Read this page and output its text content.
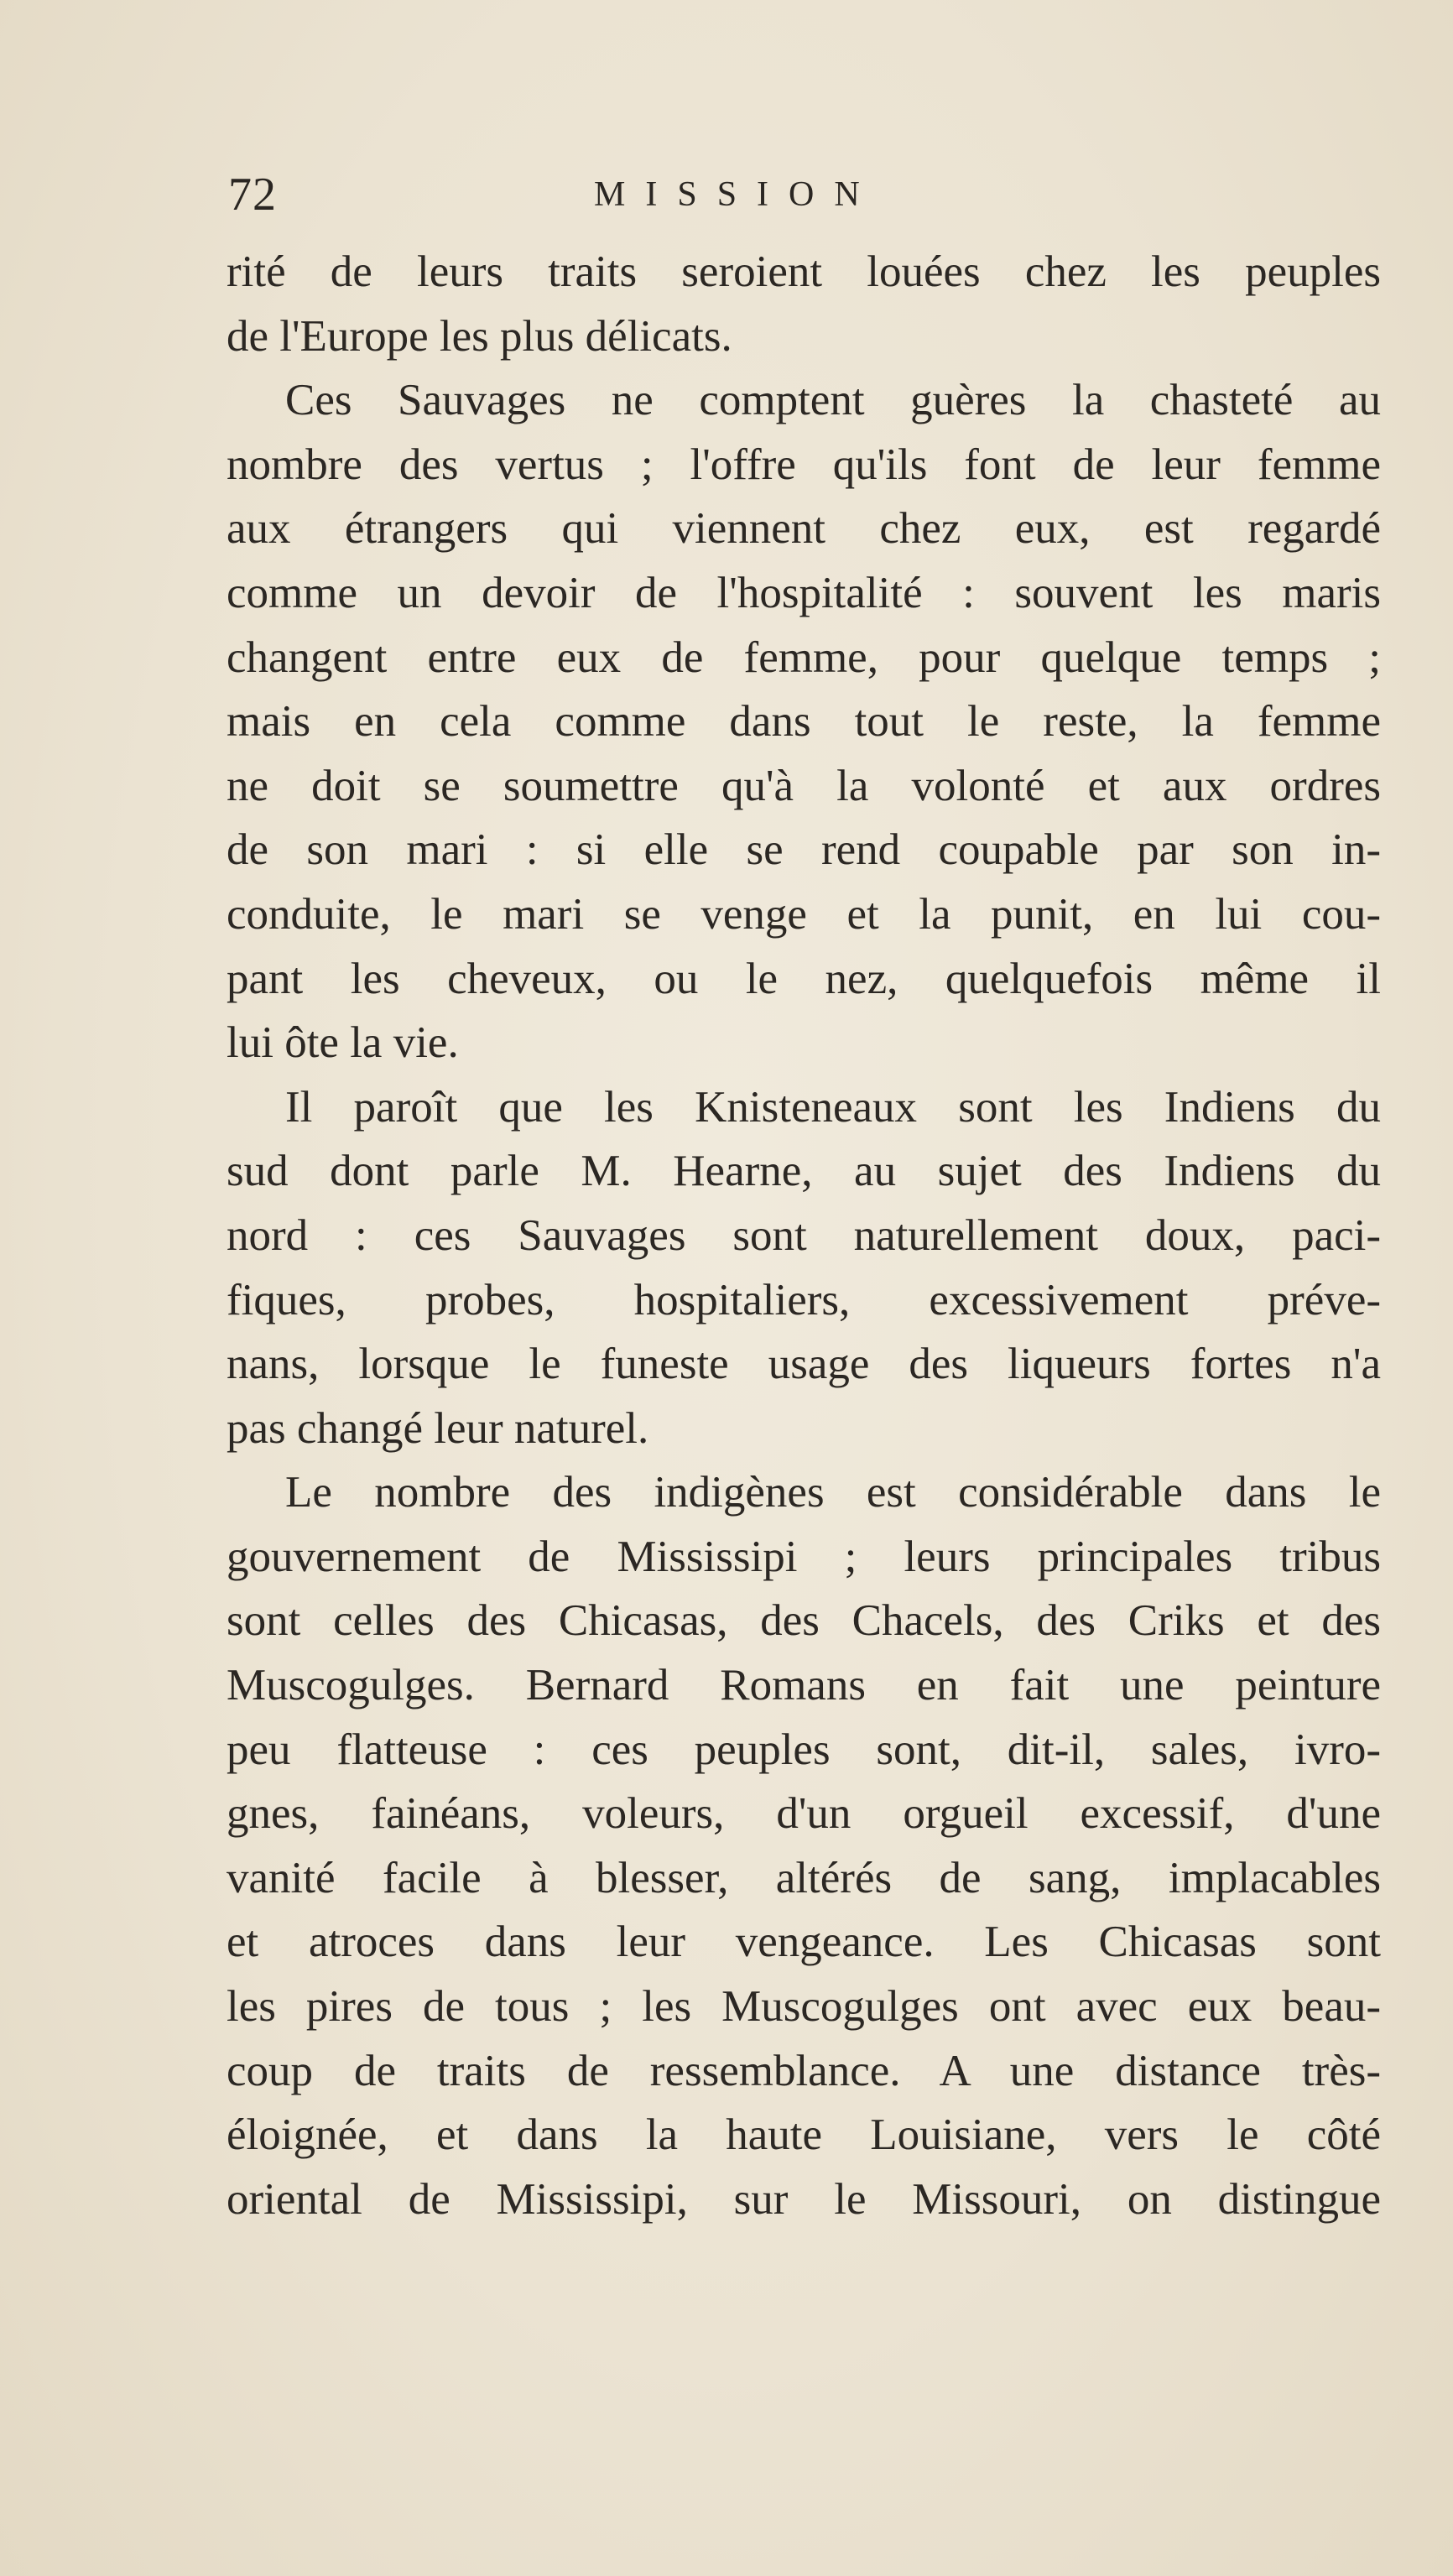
72	MISSION
rité de leurs traits seroient louées chez les peuples
de l'Europe les plus délicats.
Ces Sauvages ne comptent guères la chasteté au
nombre des vertus ; l'offre qu'ils font de leur femme
aux étrangers qui viennent chez eux, est regardé
comme un devoir de l'hospitalité : souvent les maris
changent entre eux de femme, pour quelque temps ;
mais en cela comme dans tout le reste, la femme
ne doit se soumettre qu'à la volonté et aux ordres
de son mari : si elle se rend coupable par son in-
conduite, le mari se venge et la punit, en lui cou-
pant les cheveux, ou le nez, quelquefois même il
lui ôte la vie.
Il paroît que les Knisteneaux sont les Indiens du
sud dont parle M. Hearne, au sujet des Indiens du
nord : ces Sauvages sont naturellement doux, paci-
fiques, probes, hospitaliers, excessivement préve-
nans, lorsque le funeste usage des liqueurs fortes n'a
pas changé leur naturel.
Le nombre des indigènes est considérable dans le
gouvernement de Mississipi ; leurs principales tribus
sont celles des Chicasas, des Chacels, des Criks et des
Muscogulges. Bernard Romans en fait une peinture
peu flatteuse : ces peuples sont, dit-il, sales, ivro-
gnes, fainéans, voleurs, d'un orgueil excessif, d'une
vanité facile à blesser, altérés de sang, implacables
et atroces dans leur vengeance. Les Chicasas sont
les pires de tous ; les Muscogulges ont avec eux beau-
coup de traits de ressemblance. A une distance très-
éloignée, et dans la haute Louisiane, vers le côté
oriental de Mississipi, sur le Missouri, on distingue
